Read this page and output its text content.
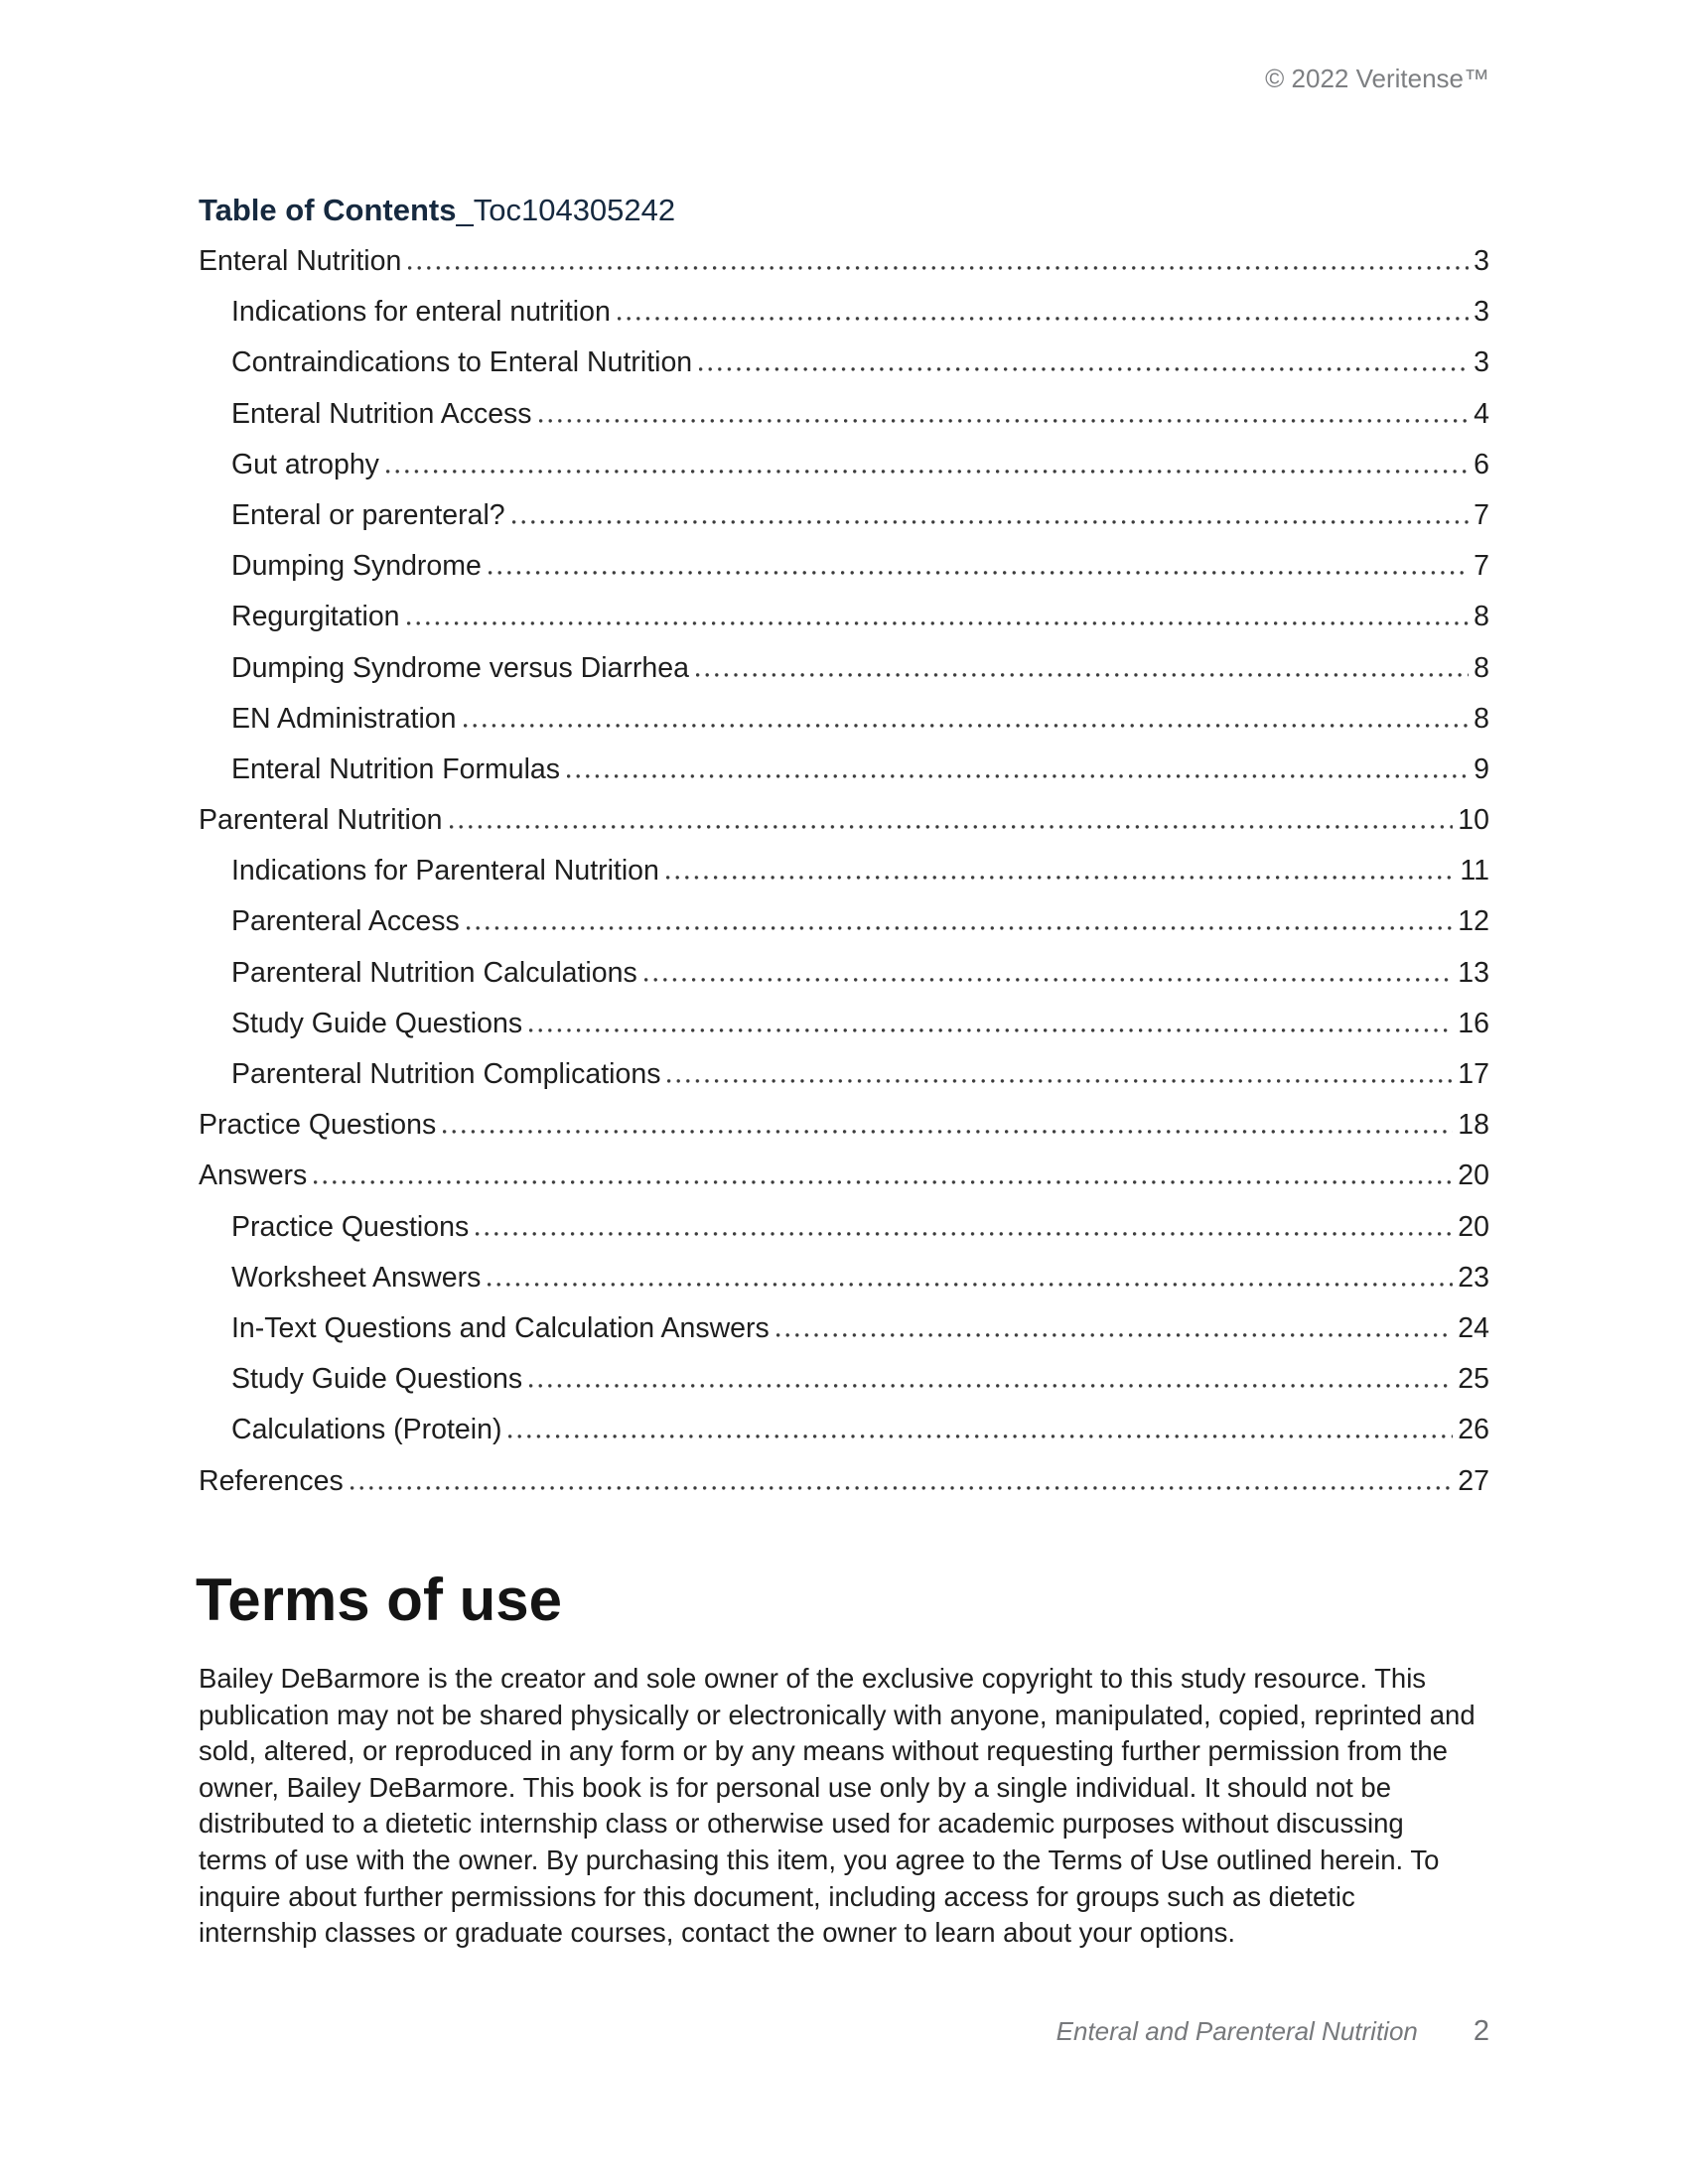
© 2022 Veritense™
Table of Contents_Toc104305242
Enteral Nutrition	3
Indications for enteral nutrition	3
Contraindications to Enteral Nutrition	3
Enteral Nutrition Access	4
Gut atrophy	6
Enteral or parenteral?	7
Dumping Syndrome	7
Regurgitation	8
Dumping Syndrome versus Diarrhea	8
EN Administration	8
Enteral Nutrition Formulas	9
Parenteral Nutrition	10
Indications for Parenteral Nutrition	11
Parenteral Access	12
Parenteral Nutrition Calculations	13
Study Guide Questions	16
Parenteral Nutrition Complications	17
Practice Questions	18
Answers	20
Practice Questions	20
Worksheet Answers	23
In-Text Questions and Calculation Answers	24
Study Guide Questions	25
Calculations (Protein)	26
References	27
Terms of use
Bailey DeBarmore is the creator and sole owner of the exclusive copyright to this study resource. This
publication may not be shared physically or electronically with anyone, manipulated, copied, reprinted and
sold, altered, or reproduced in any form or by any means without requesting further permission from the
owner, Bailey DeBarmore. This book is for personal use only by a single individual. It should not be
distributed to a dietetic internship class or otherwise used for academic purposes without discussing
terms of use with the owner. By purchasing this item, you agree to the Terms of Use outlined herein. To
inquire about further permissions for this document, including access for groups such as dietetic
internship classes or graduate courses, contact the owner to learn about your options.
Enteral and Parenteral Nutrition 2
